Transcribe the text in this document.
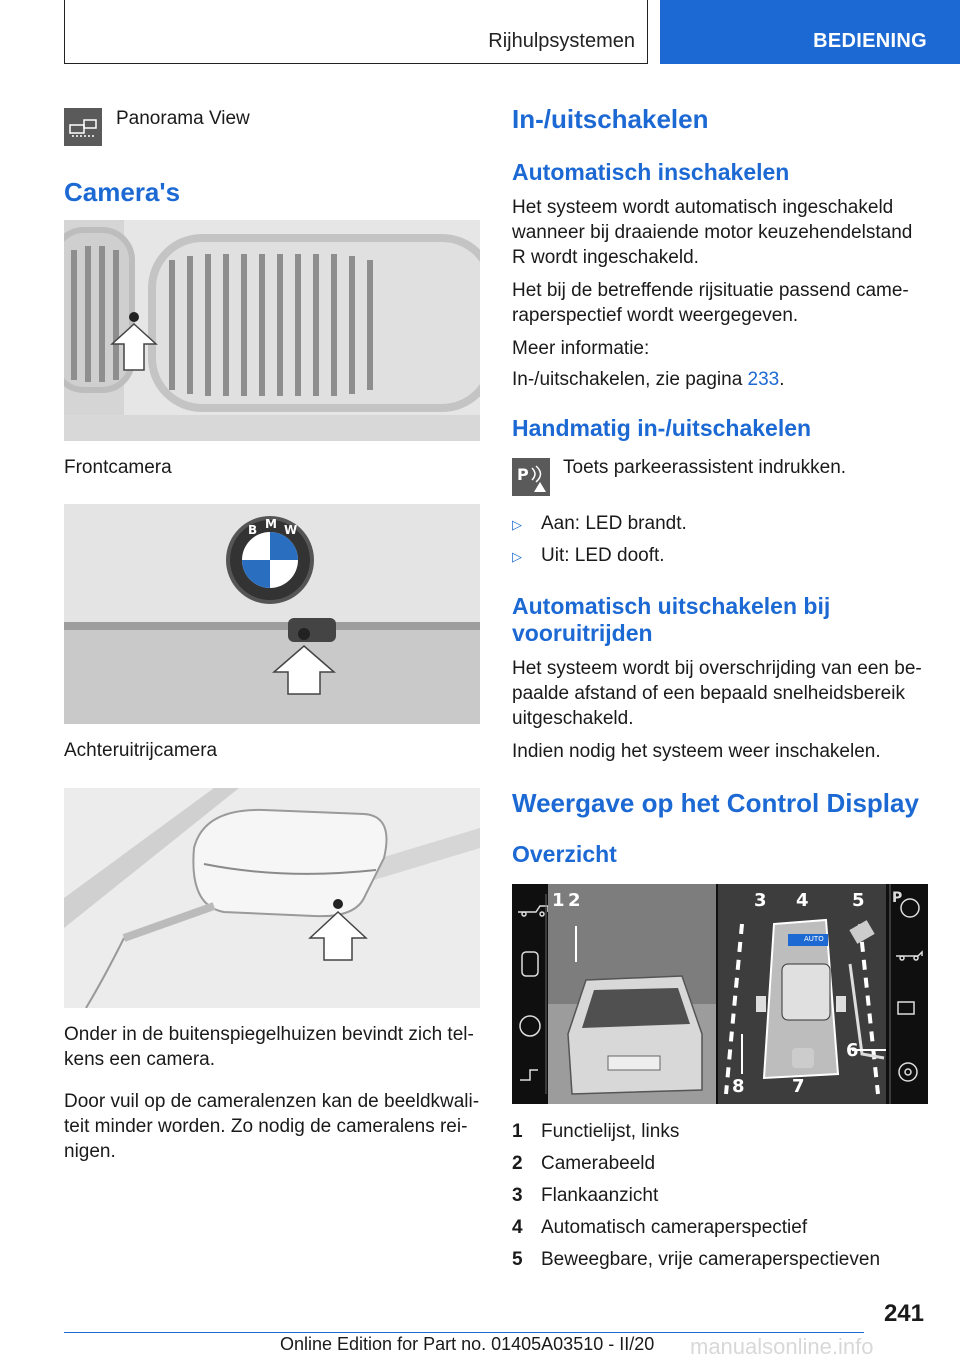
Rijhulpsystemen	BEDIENING
Panorama View
Camera's
Frontcamera
B M W
Achteruitrijcamera
Onder in de buitenspiegelhuizen bevindt zich tel-
kens een camera.
Door vuil op de cameralenzen kan de beeldkwali-
teit minder worden. Zo nodig de cameralens rei-
nigen.
In-/uitschakelen
Automatisch inschakelen
Het systeem wordt automatisch ingeschakeld
wanneer bij draaiende motor keuzehendelstand
R wordt ingeschakeld.
Het bij de betreffende rijsituatie passend came-
raperspectief wordt weergegeven.
Meer informatie:
In-/uitschakelen, zie pagina 233.
Handmatig in-/uitschakelen
P Toets parkeerassistent indrukken.
▷ Aan: LED brandt.
▷ Uit: LED dooft.
Automatisch uitschakelen bij
vooruitrijden
Het systeem wordt bij overschrijding van een be-
paalde afstand of een bepaald snelheidsbereik
uitgeschakeld.
Indien nodig het systeem weer inschakelen.
Weergave op het Control Display
Overzicht
AUTO
P
1 2	3 4 5
6
7
8
1 Functielijst, links
2 Camerabeeld
3 Flankaanzicht
4 Automatisch cameraperspectief
5 Beweegbare, vrije cameraperspectieven
241
Online Edition for Part no. 01405A03510 - II/20 manualsonline.info
